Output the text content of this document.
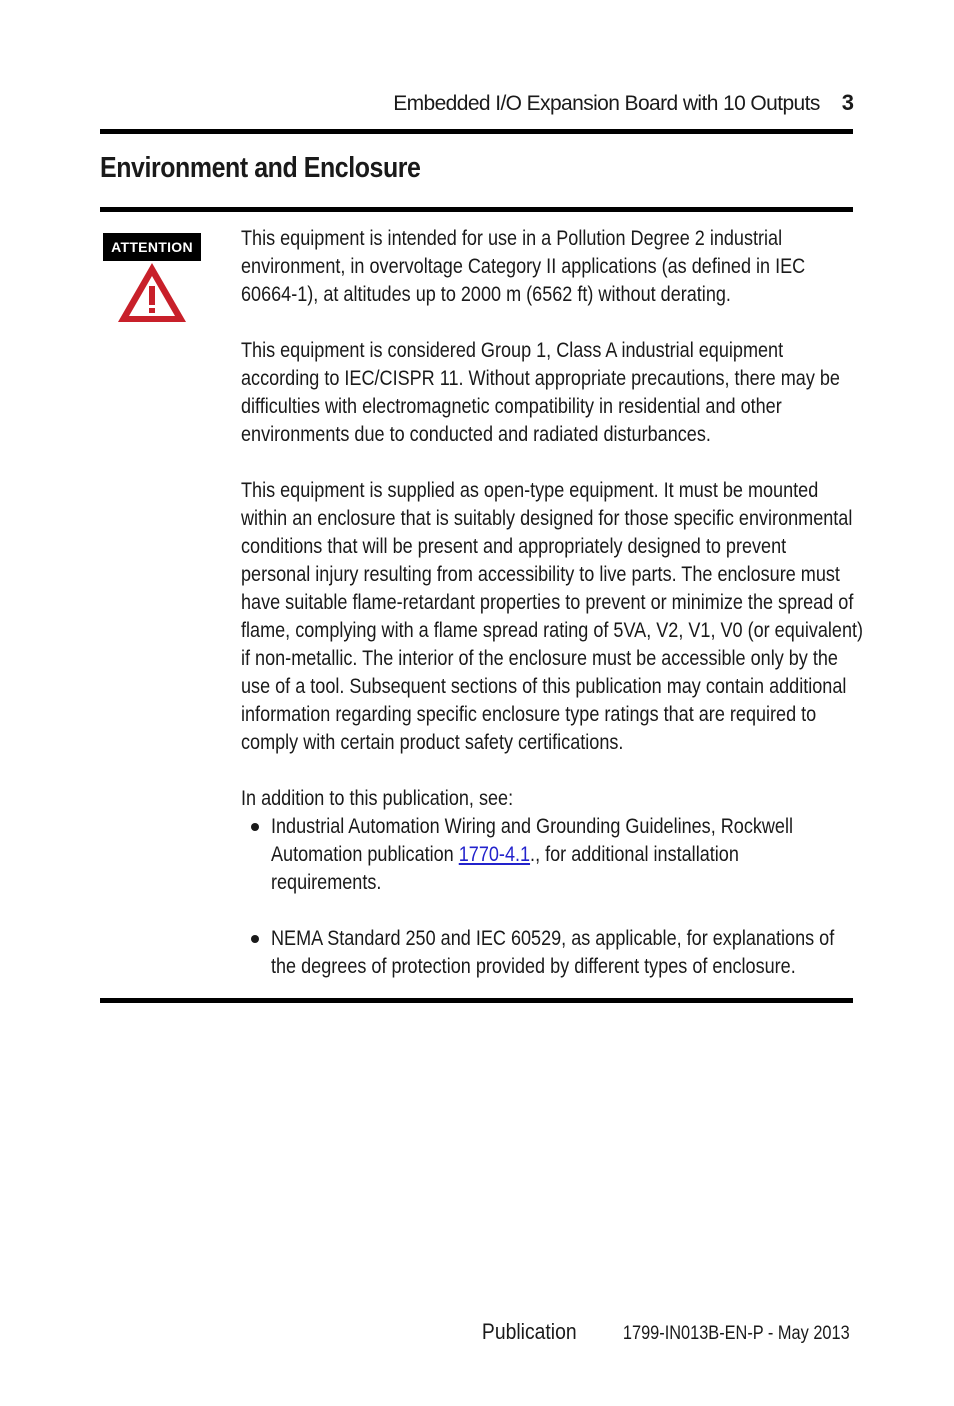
Embedded I/O Expansion Board with 10 Outputs 3
Environment and Enclosure
ATTENTION This equipment is intended for use in a Pollution Degree 2 industrial
environment, in overvoltage Category II applications (as defined in IEC
60664-1), at altitudes up to 2000 m (6562 ft) without derating.

This equipment is considered Group 1, Class A industrial equipment
according to IEC/CISPR 11. Without appropriate precautions, there may be
difficulties with electromagnetic compatibility in residential and other
environments due to conducted and radiated disturbances.

This equipment is supplied as open-type equipment. It must be mounted
within an enclosure that is suitably designed for those specific environmental
conditions that will be present and appropriately designed to prevent
personal injury resulting from accessibility to live parts. The enclosure must
have suitable flame-retardant properties to prevent or minimize the spread of
flame, complying with a flame spread rating of 5VA, V2, V1, V0 (or equivalent)
if non-metallic. The interior of the enclosure must be accessible only by the
use of a tool. Subsequent sections of this publication may contain additional
information regarding specific enclosure type ratings that are required to
comply with certain product safety certifications.

In addition to this publication, see:
Industrial Automation Wiring and Grounding Guidelines, Rockwell
Automation publication 1770-4.1., for additional installation
requirements.
NEMA Standard 250 and IEC 60529, as applicable, for explanations of
the degrees of protection provided by different types of enclosure.
Publication 1799-IN013B-EN-P - May 2013
